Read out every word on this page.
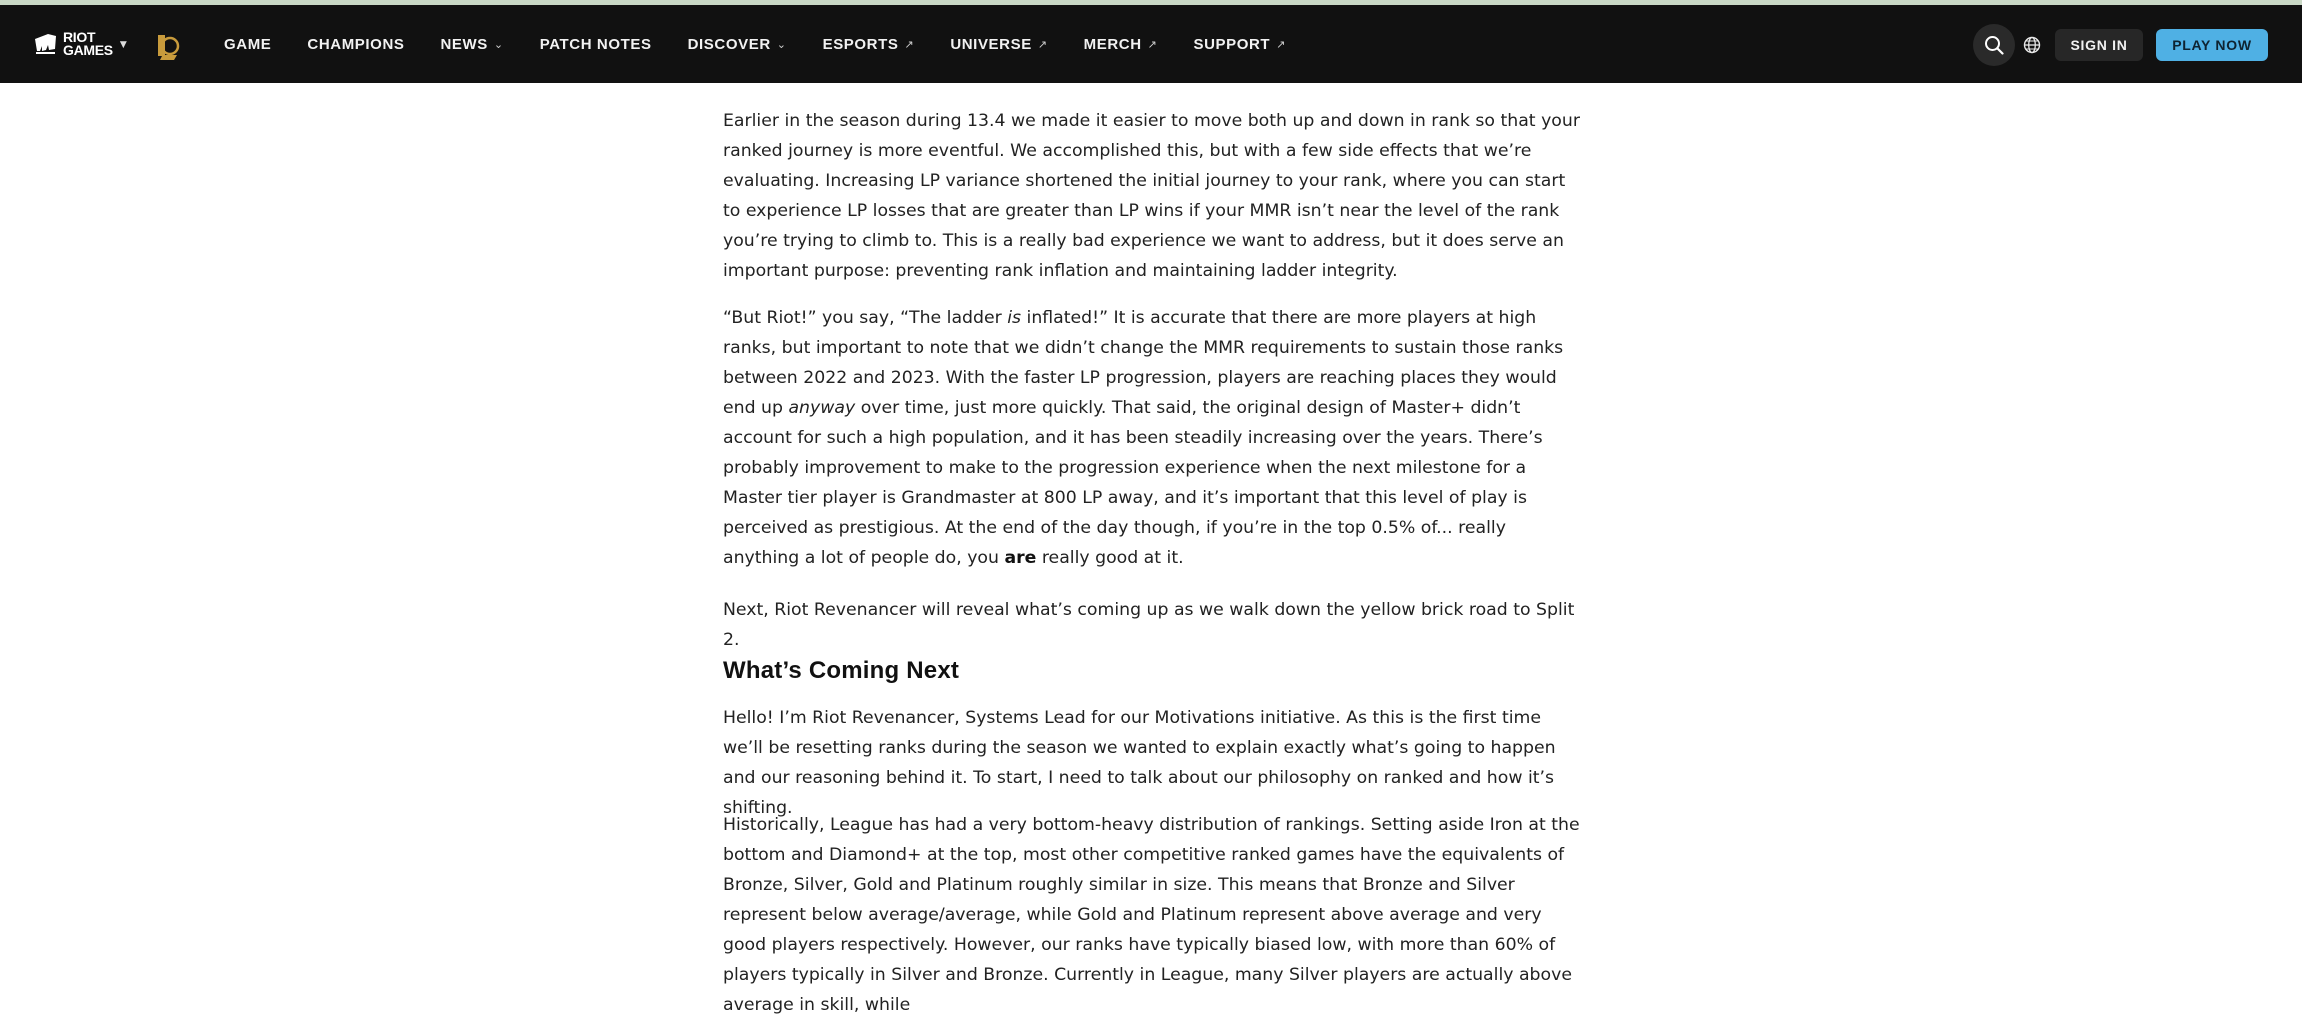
RIOT
GAMES ▼	GAME CHAMPIONS NEWS ⌄ PATCH NOTES DISCOVER ⌄ ESPORTS ↗ UNIVERSE ↗ MERCH ↗ SUPPORT ↗	SIGN IN	PLAY NOW

Earlier in the season during 13.4 we made it easier to move both up and down in rank so that your ranked journey is more eventful. We accomplished this, but with a few side effects that we’re evaluating. Increasing LP variance shortened the initial journey to your rank, where you can start to experience LP losses that are greater than LP wins if your MMR isn’t near the level of the rank you’re trying to climb to. This is a really bad experience we want to address, but it does serve an important purpose: preventing rank inflation and maintaining ladder integrity.

“But Riot!” you say, “The ladder is inflated!” It is accurate that there are more players at high ranks, but important to note that we didn’t change the MMR requirements to sustain those ranks between 2022 and 2023. With the faster LP progression, players are reaching places they would end up anyway over time, just more quickly. That said, the original design of Master+ didn’t account for such a high population, and it has been steadily increasing over the years. There’s probably improvement to make to the progression experience when the next milestone for a Master tier player is Grandmaster at 800 LP away, and it’s important that this level of play is perceived as prestigious. At the end of the day though, if you’re in the top 0.5% of... really anything a lot of people do, you are really good at it.

Next, Riot Revenancer will reveal what’s coming up as we walk down the yellow brick road to Split 2.

What’s Coming Next

Hello! I’m Riot Revenancer, Systems Lead for our Motivations initiative. As this is the first time we’ll be resetting ranks during the season we wanted to explain exactly what’s going to happen and our reasoning behind it. To start, I need to talk about our philosophy on ranked and how it’s shifting.

Historically, League has had a very bottom-heavy distribution of rankings. Setting aside Iron at the bottom and Diamond+ at the top, most other competitive ranked games have the equivalents of Bronze, Silver, Gold and Platinum roughly similar in size. This means that Bronze and Silver represent below average/average, while Gold and Platinum represent above average and very good players respectively. However, our ranks have typically biased low, with more than 60% of players typically in Silver and Bronze. Currently in League, many Silver players are actually above average in skill, while
